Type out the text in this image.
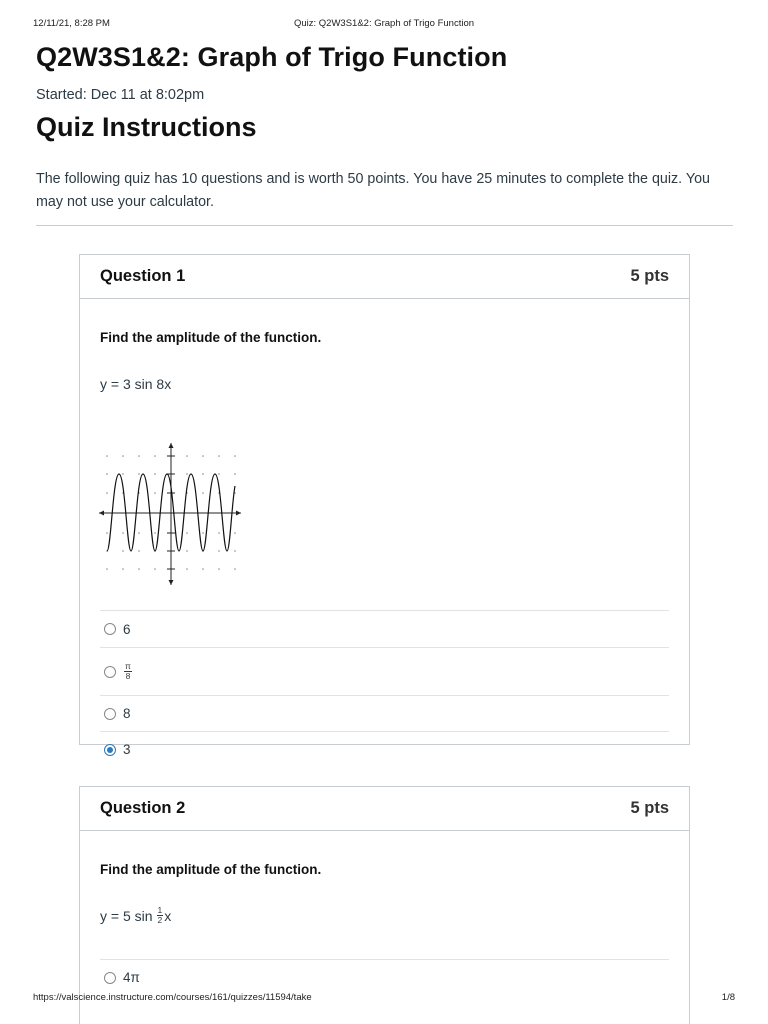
12/11/21, 8:28 PM	Quiz: Q2W3S1&2: Graph of Trigo Function
Q2W3S1&2: Graph of Trigo Function
Started: Dec 11 at 8:02pm
Quiz Instructions
The following quiz has 10 questions and is worth 50 points. You have 25 minutes to complete the quiz. You may not use your calculator.
Question 1	5 pts
Find the amplitude of the function.
y = 3 sin 8x
6
$\frac{\pi}{8}$
8
3
Question 2	5 pts
Find the amplitude of the function.
y = 5 $\sin \frac{1}{2}$ x
4π
https://valscience.instructure.com/courses/161/quizzes/11594/take	1/8
